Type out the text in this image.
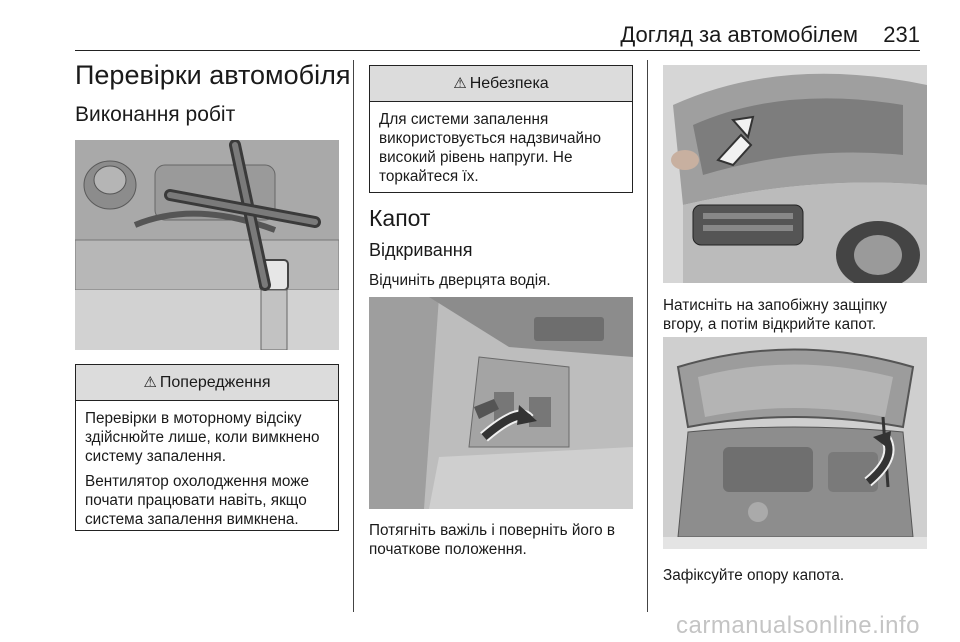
Догляд за автомобілем 231
Перевірки автомобіля
Виконання робіт
⚠ Попередження

Перевірки в моторному відсіку здійснюйте лише, коли вимкнено систему запалення.

Вентилятор охолодження може почати працювати навіть, якщо система запалення вимкнена.

⚠ Небезпека

Для системи запалення використовується надзвичайно високий рівень напруги. Не торкайтеся їх.

Капот
Відкривання

Відчиніть дверцята водія.

Потягніть важіль і поверніть його в початкове положення.

Натисніть на запобіжну защіпку вгору, а потім відкрийте капот.

Зафіксуйте опору капота.

carmanualsonline.info
